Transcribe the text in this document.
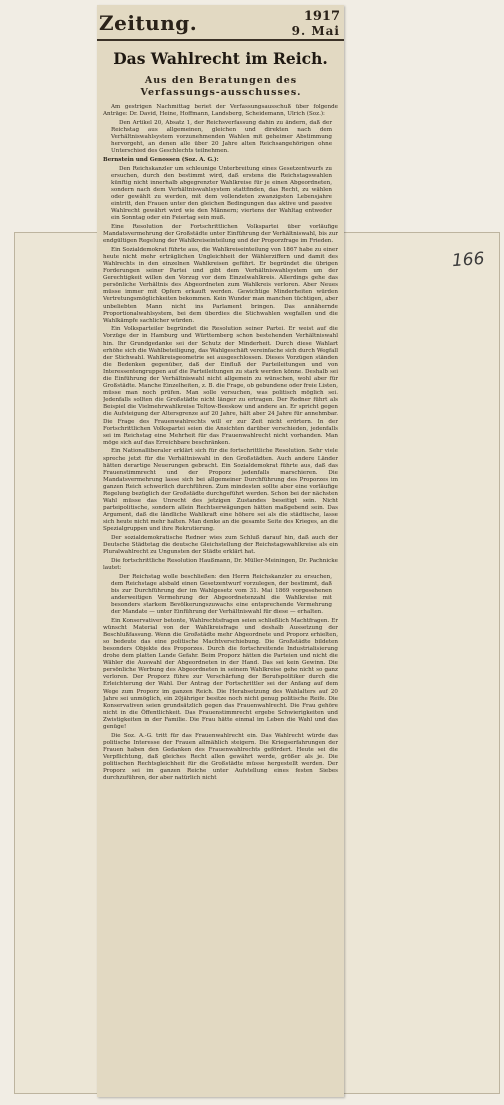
166
Zeitung.	1917
9. Mai
Das Wahlrecht im Reich.
Aus den Beratungen des Verfassungs-ausschusses.

Am gestrigen Nachmittag beriet der Verfassungsausschuß über folgende Anträge: Dr. David, Heine, Hoffmann, Landsberg, Scheidemann, Ulrich (Soz.):

Den Artikel 20, Absatz 1, der Reichsverfassung dahin zu ändern, daß der Reichstag aus allgemeinen, gleichen und direkten nach dem Verhältniswahlsystem vorzunehmenden Wahlen mit geheimer Abstimmung hervorgeht, an denen alle über 20 Jahre alten Reichsangehörigen ohne Unterschied des Geschlechts teilnehmen.

Bernstein und Genossen (Soz. A. G.):

Den Reichskanzler um schleunige Unterbreitung eines Gesetzentwurfs zu ersuchen, durch den bestimmt wird, daß erstens die Reichstagswahlen künftig nicht innerhalb abgegrenzter Wahlkreise für je einen Abgeordneten, sondern nach dem Verhältniswahlsystem stattfinden, das Recht, zu wählen oder gewählt zu werden, mit dem vollendeten zwanzigsten Lebensjahre eintritt, den Frauen unter den gleichen Bedingungen das aktive und passive Wahlrecht gewährt wird wie den Männern; viertens der Wahltag entweder ein Sonntag oder ein Feiertag sein muß.

Eine Resolution der Fortschrittlichen Volkspartei über vorläufige Mandatsvermehrung der Großstädte unter Einführung der Verhältniswahl, bis zur endgültigen Regelung der Wahlkreiseinteilung und der Proporzfrage im Frieden.

Ein Sozialdemokrat führte aus, die Wahlkreiseinteilung von 1867 habe zu einer heute nicht mehr erträglichen Ungleichheit der Wählerziffern und damit des Wahlrechts in den einzelnen Wahlkreisen geführt. Er begründet die übrigen Forderungen seiner Partei und gibt dem Verhältniswahlsystem um der Gerechtigkeit willen den Vorzug vor dem Einzelwahlkreis. Allerdings gehe das persönliche Verhältnis des Abgeordneten zum Wahlkreis verloren. Aber Neues müsse immer mit Opfern erkauft werden. Gewichtige Minderheiten würden Vertretungsmöglichkeiten bekommen. Kein Wunder man manchen tüchtigen, aber unbeliebten Mann nicht ins Parlament bringen. Das annähernde Proportionalwahlsystem, bei dem überdies die Stichwahlen wegfallen und die Wahlkämpfe sachlicher würden.

Ein Volksparteiler begründet die Resolution seiner Partei. Er weist auf die Vorzüge der in Hamburg und Württemberg schon bestehenden Verhältniswahl hin. Ihr Grundgedanke sei der Schutz der Minderheit. Durch diese Wahlart erhöhe sich die Wahlbeteiligung, das Wahlgeschäft vereinfache sich durch Wegfall der Stichwahl. Wahlkreisgeometrie sei ausgeschlossen. Dieses Vorzügen ständen die Bedenken gegenüber, daß der Einfluß der Parteileitungen und von Interessentengruppen auf die Parteileitungen zu stark werden könne. Deshalb sei die Einführung der Verhältniswahl nicht allgemein zu wünschen, wohl aber für Großstädte. Manche Einzelheiten, z. B. die Frage, ob gebundene oder freie Listen, müsse man noch prüfen. Man solle versuchen, was politisch möglich sei. Jedenfalls sollten die Großstädte nicht länger zu ertragen. Der Redner führt als Beispiel die Vielmehrwahlkreise Teltow-Beeskow und andere an. Er spricht gegen die Aufsteigung der Altersgrenze auf 20 Jahre, hält aber 24 Jahre für annehmbar. Die Frage des Frauenwahlrechts will er zur Zeit nicht erörtern. In der Fortschrittlichen Volkspartei seien die Ansichten darüber verschieden, jedenfalls sei im Reichstag eine Mehrheit für das Frauenwahlrecht nicht vorhanden. Man möge sich auf das Erreichbare beschränken.

Ein Nationalliberaler erklärt sich für die fortschrittliche Resolution. Sehr viele spreche jetzt für die Verhältniswahl in den Großstädten. Auch andere Länder hätten derartige Neuerungen gebracht. Ein Sozialdemokrat führte aus, daß das Frauenstimmrecht und der Proporz jedenfalls marschieren. Die Mandatsvermehrung lasse sich bei allgemeiner Durchführung des Proporzes im ganzen Reich schwerlich durchführen. Zum mindesten sollte aber eine vorläufige Regelung bezüglich der Großstädte durchgeführt werden. Schon bei der nächsten Wahl müsse das Unrecht des jetzigen Zustandes beseitigt sein. Nicht parteipolitische, sondern allein Rechtserwägungen hätten maßgebend sein. Das Argument, daß die ländliche Wahlkraft eine höhere sei als die städtische, lasse sich heute nicht mehr halten. Man denke an die gesamte Seite des Krieges, an die Spezialgruppen und ihre Rekrutierung.

Der sozialdemokratische Redner wies zum Schluß darauf hin, daß auch der Deutsche Städtetag die deutsche Gleichstellung der Reichstagswahlkreise als ein Pluralwahlrecht zu Ungunsten der Städte erklärt hat.

Die fortschrittliche Resolution Haußmann, Dr. Müller-Meiningen, Dr. Pachnicke lautet:

Der Reichstag wolle beschließen: den Herrn Reichskanzler zu ersuchen, dem Reichstage alsbald einen Gesetzentwurf vorzulegen, der bestimmt, daß bis zur Durchführung der im Wahlgesetz vom 31. Mai 1869 vorgesehenen anderweitigen Vermehrung der Abgeordnetenzahl die Wahlkreise mit besonders starkem Bevölkerungszuwachs eine entsprechende Vermehrung der Mandate — unter Einführung der Verhältniswahl für diese — erhalten.

Ein Konservativer betonte, Wahlrechtsfragen seien schließlich Machtfragen. Er wünscht Material von der Wahlkreisfrage und deshalb Aussetzung der Beschlußfassung. Wenn die Großstädte mehr Abgeordnete und Proporz erhielten, so bedeute das eine politische Machtverschiebung. Die Großstädte bildeten besonders Objekte des Proporzes. Durch die fortschreitende Industrialisierung drohe dem platten Lande Gefahr. Beim Proporz hätten die Parteien und nicht die Wähler die Auswahl der Abgeordneten in der Hand. Das sei kein Gewinn. Die persönliche Werbung des Abgeordneten in seinem Wahlkreise gehe nicht so ganz verloren. Der Proporz führe zur Verschärfung der Berufspolitiker durch die Erleichterung der Wahl. Der Antrag der Fortschrittler sei der Anfang auf dem Wege zum Proporz im ganzen Reich. Die Herabsetzung des Wahlalters auf 20 Jahre sei unmöglich, ein 20jähriger besitze noch nicht genug politische Reife. Die Konservativen seien grundsätzlich gegen das Frauenwahlrecht. Die Frau gehöre nicht in die Öffentlichkeit. Das Frauenstimmrecht ergebe Schwierigkeiten und Zwistigkeiten in der Familie. Die Frau hätte einmal im Leben die Wahl und das genüge!

Die Soz. A.-G. tritt für das Frauenwahlrecht ein. Das Wahlrecht würde das politische Interesse der Frauen allmählich steigern. Die Kriegserfahrungen der Frauen haben den Gedanken des Frauenwahlrechts gefördert. Heute sei die Verpflichtung, daß gleiches Recht allen gewährt werde, größer als je. Die politischen Rechtsgleichheit für die Großstädte müsse hergestellt werden. Der Proporz sei im ganzen Reiche unter Aufstellung eines festen Siebes durchzuführen, der aber natürlich nicht
